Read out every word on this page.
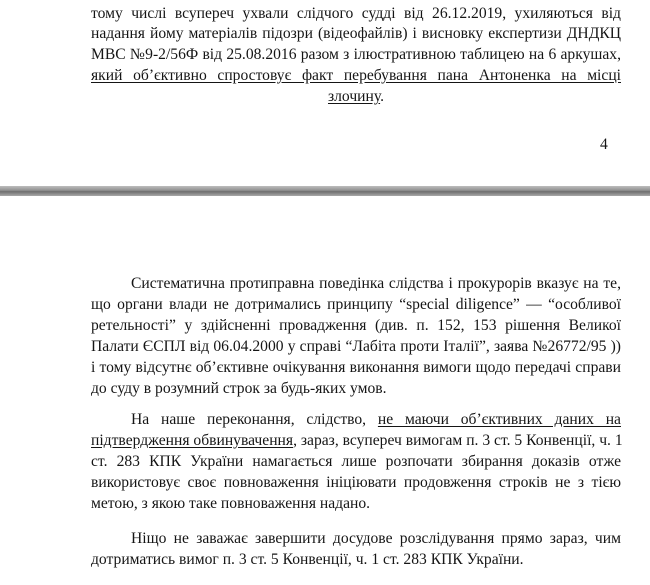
тому числі всупереч ухвали слідчого судді від 26.12.2019, ухиляються від
надання йому матеріалів підозри (відеофайлів) і висновку експертизи ДНДКЦ
МВС №9-2/56Ф від 25.08.2016 разом з ілюстративною таблицею на 6 аркушах,
який об’єктивно спростовує факт перебування пана Антоненка на місці
злочину.
4
Систематична протиправна поведінка слідства і прокурорів вказує на те,
що органи влади не дотримались принципу “special diligence” — “особливої
ретельності” у здійсненні провадження (див. п. 152, 153 рішення Великої
Палати ЄСПЛ від 06.04.2000 у справі “Лабіта проти Італії”, заява №26772/95 ))
і тому відсутнє об’єктивне очікування виконання вимоги щодо передачі справи
до суду в розумний строк за будь-яких умов.
На наше переконання, слідство, не маючи об’єктивних даних на
підтвердження обвинувачення, зараз, всупереч вимогам п. 3 ст. 5 Конвенції, ч. 1
ст. 283 КПК України намагається лише розпочати збирання доказів отже
використовує своє повноваження ініціювати продовження строків не з тією
метою, з якою таке повноваження надано.
Ніщо не заважає завершити досудове розслідування прямо зараз, чим
дотриматись вимог п. 3 ст. 5 Конвенції, ч. 1 ст. 283 КПК України.
